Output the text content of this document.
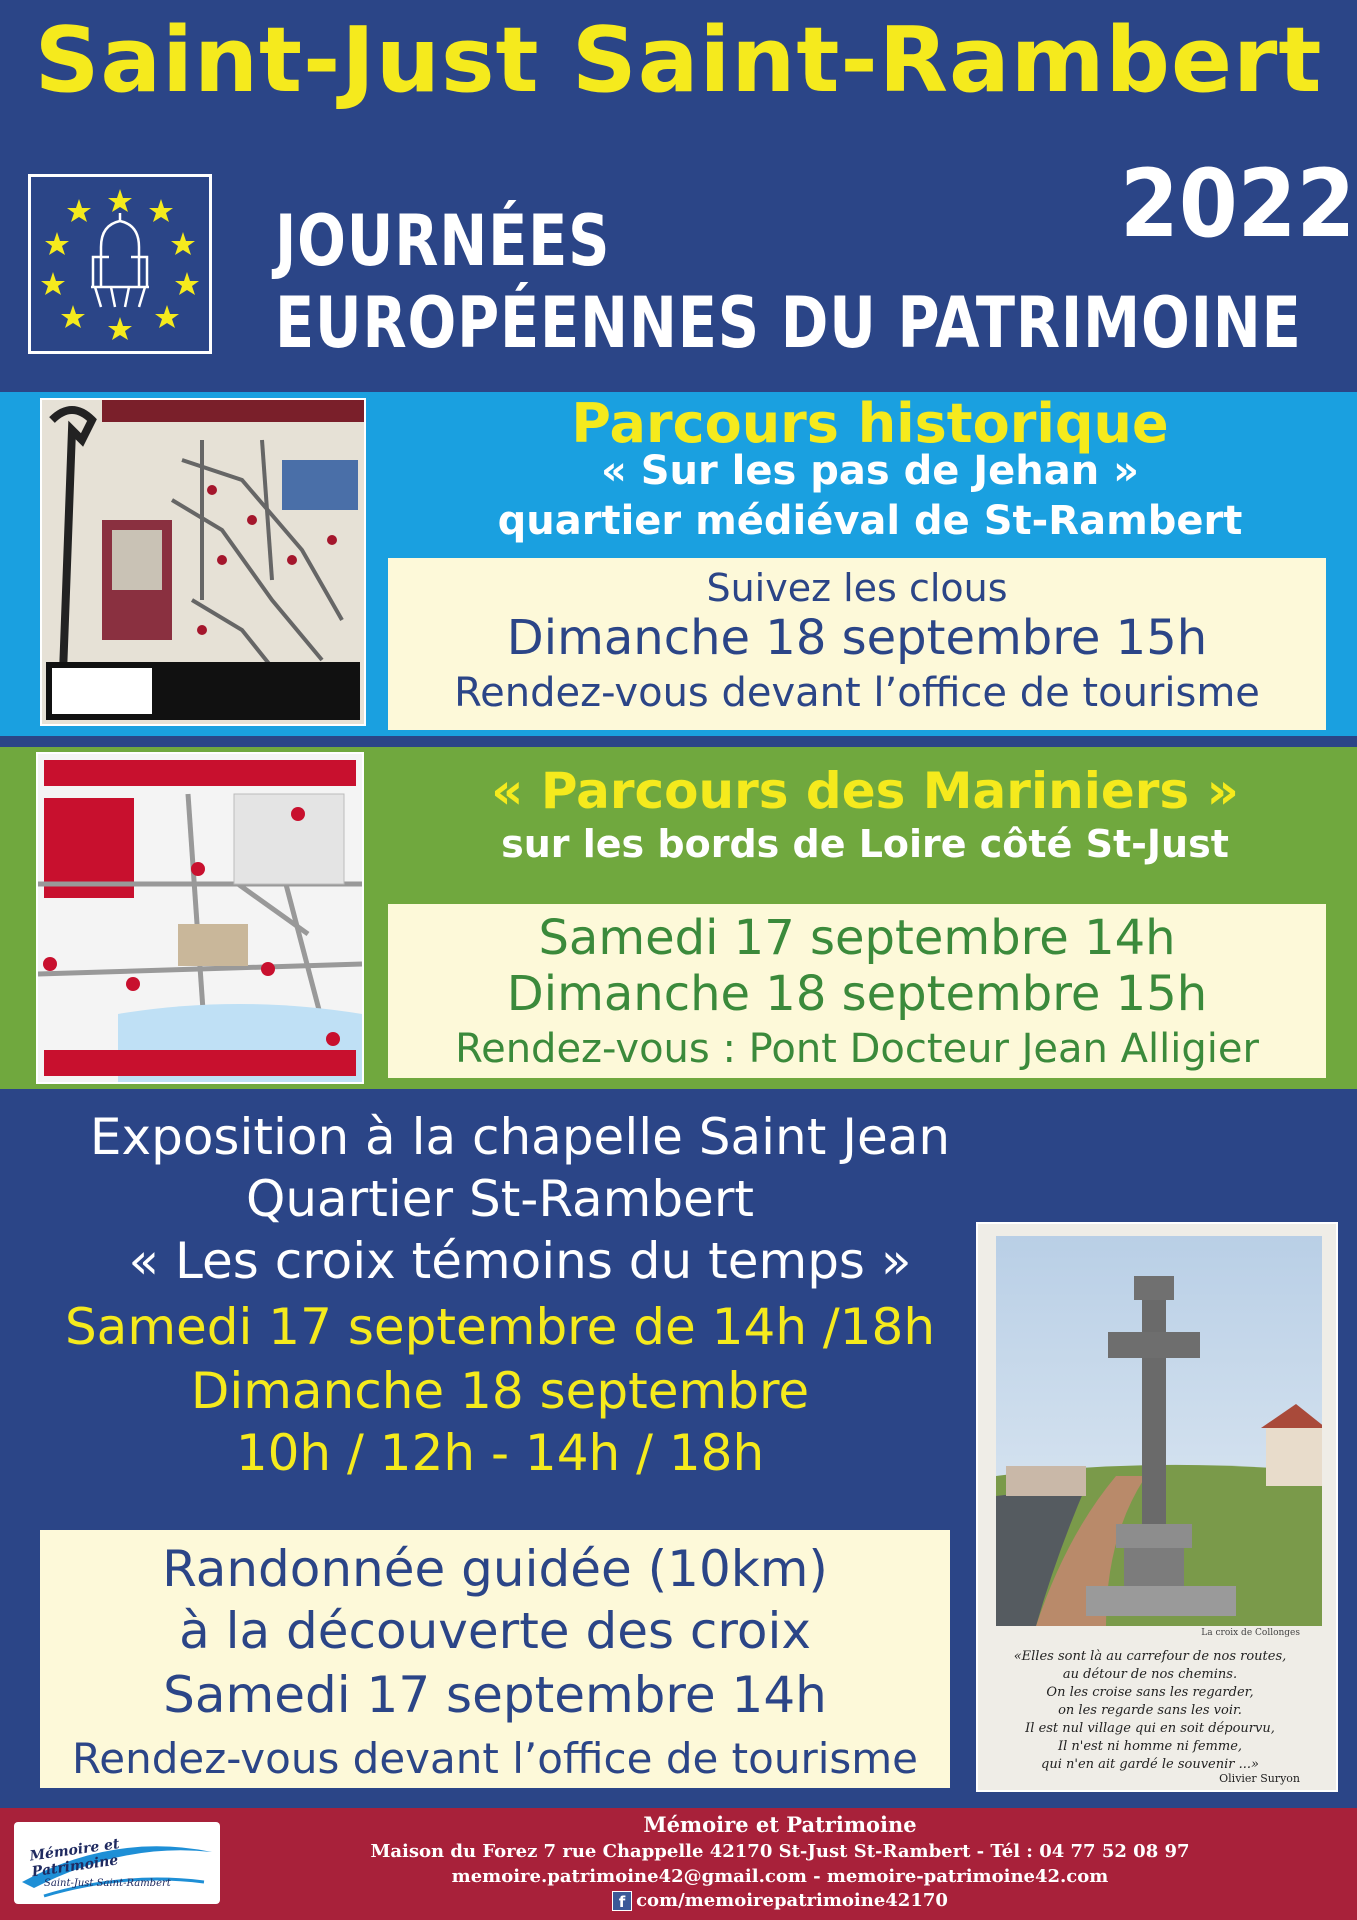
Saint-Just Saint-Rambert
2022
JOURNÉES
EUROPÉENNES DU PATRIMOINE
Parcours historique
« Sur les pas de Jehan »
quartier médiéval de St-Rambert
Suivez les clous
Dimanche 18 septembre 15h
Rendez-vous devant l’office de tourisme
« Parcours des Mariniers »
sur les bords de Loire côté St-Just
Samedi 17 septembre 14h
Dimanche 18 septembre 15h
Rendez-vous : Pont Docteur Jean Alligier
Exposition à la chapelle Saint Jean
Quartier St-Rambert
« Les croix témoins du temps »
Samedi 17 septembre de 14h /18h
Dimanche 18 septembre
10h / 12h - 14h / 18h
Randonnée guidée (10km)
à la découverte des croix
Samedi 17 septembre 14h
Rendez-vous devant l’office de tourisme
La croix de Collonges
«Elles sont là au carrefour de nos routes,
au détour de nos chemins.
On les croise sans les regarder,
on les regarde sans les voir.
Il est nul village qui en soit dépourvu,
Il n'est ni homme ni femme,
qui n'en ait gardé le souvenir ...»
Olivier Suryon
Mémoire et Patrimoine
Saint-Just Saint-Rambert
Mémoire et Patrimoine
Maison du Forez 7 rue Chappelle 42170 St-Just St-Rambert - Tél : 04 77 52 08 97
memoire.patrimoine42@gmail.com - memoire-patrimoine42.com
f com/memoirepatrimoine42170
